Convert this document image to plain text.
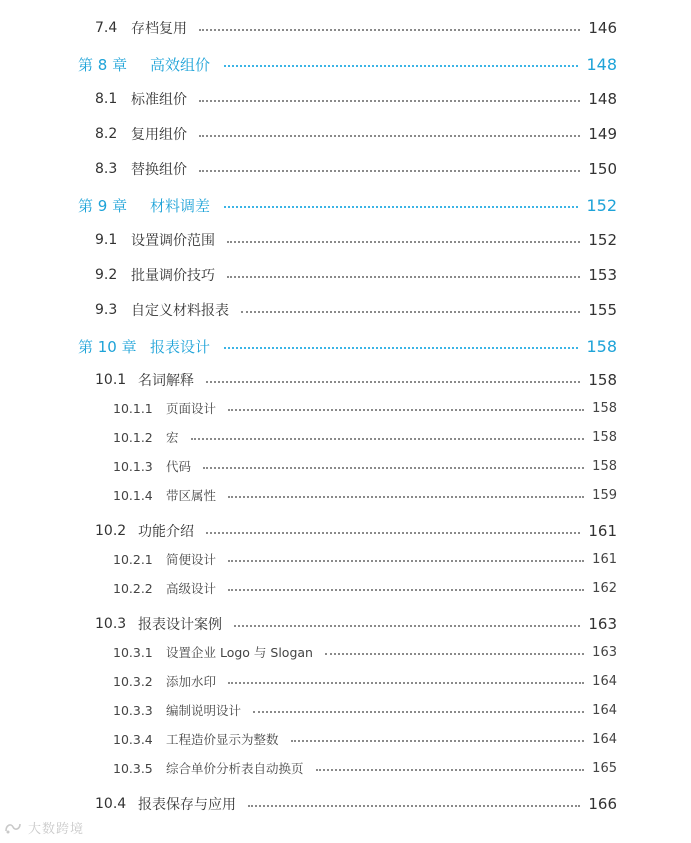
7.4 存档复用	146
第 8 章	高效组价	148
8.1 标准组价	148
8.2 复用组价	149
8.3 替换组价	150
第 9 章	材料调差	152
9.1 设置调价范围	152
9.2 批量调价技巧	153
9.3 自定义材料报表	155
第 10 章 报表设计	158
10.1 名词解释	158
10.1.1	页面设计	158
10.1.2	宏	158
10.1.3	代码	158
10.1.4	带区属性	159
10.2 功能介绍	161
10.2.1	简便设计	161
10.2.2	高级设计	162
10.3 报表设计案例	163
10.3.1	设置企业 Logo 与 Slogan	163
10.3.2	添加水印	164
10.3.3	编制说明设计	164
10.3.4	工程造价显示为整数	164
10.3.5	综合单价分析表自动换页	165
10.4 报表保存与应用	166
大数跨境
